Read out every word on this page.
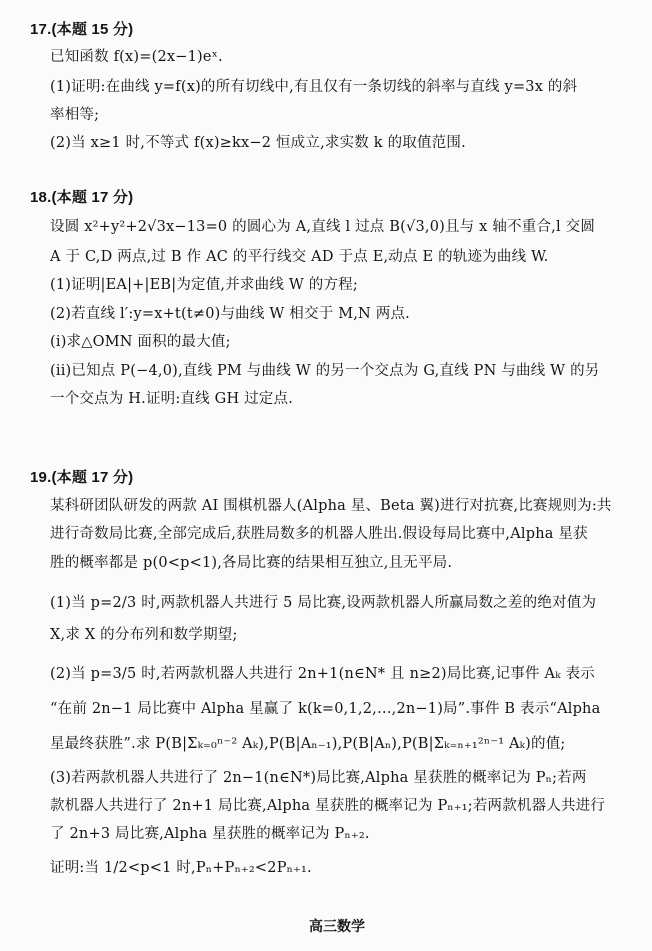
17.(本题 15 分)
已知函数 f(x)=(2x−1)eˣ.
(1)证明:在曲线 y=f(x)的所有切线中,有且仅有一条切线的斜率与直线 y=3x 的斜
率相等;
(2)当 x≥1 时,不等式 f(x)≥kx−2 恒成立,求实数 k 的取值范围.
18.(本题 17 分)
设圆 x²+y²+2√3x−13=0 的圆心为 A,直线 l 过点 B(√3,0)且与 x 轴不重合,l 交圆
A 于 C,D 两点,过 B 作 AC 的平行线交 AD 于点 E,动点 E 的轨迹为曲线 W.
(1)证明|EA|+|EB|为定值,并求曲线 W 的方程;
(2)若直线 l′:y=x+t(t≠0)与曲线 W 相交于 M,N 两点.
(i)求△OMN 面积的最大值;
(ii)已知点 P(−4,0),直线 PM 与曲线 W 的另一个交点为 G,直线 PN 与曲线 W 的另
一个交点为 H.证明:直线 GH 过定点.
19.(本题 17 分)
某科研团队研发的两款 AI 围棋机器人(Alpha 星、Beta 翼)进行对抗赛,比赛规则为:共
进行奇数局比赛,全部完成后,获胜局数多的机器人胜出.假设每局比赛中,Alpha 星获
胜的概率都是 p(0<p<1),各局比赛的结果相互独立,且无平局.
(1)当 p=2/3 时,两款机器人共进行 5 局比赛,设两款机器人所赢局数之差的绝对值为
X,求 X 的分布列和数学期望;
(2)当 p=3/5 时,若两款机器人共进行 2n+1(n∈N* 且 n≥2)局比赛,记事件 Aₖ 表示
“在前 2n−1 局比赛中 Alpha 星赢了 k(k=0,1,2,…,2n−1)局”.事件 B 表示“Alpha
星最终获胜”.求 P(B|Σₖ₌₀ⁿ⁻² Aₖ),P(B|Aₙ₋₁),P(B|Aₙ),P(B|Σₖ₌ₙ₊₁²ⁿ⁻¹ Aₖ)的值;
(3)若两款机器人共进行了 2n−1(n∈N*)局比赛,Alpha 星获胜的概率记为 Pₙ;若两
款机器人共进行了 2n+1 局比赛,Alpha 星获胜的概率记为 Pₙ₊₁;若两款机器人共进行
了 2n+3 局比赛,Alpha 星获胜的概率记为 Pₙ₊₂.
证明:当 1/2<p<1 时,Pₙ+Pₙ₊₂<2Pₙ₊₁.
高三数学
